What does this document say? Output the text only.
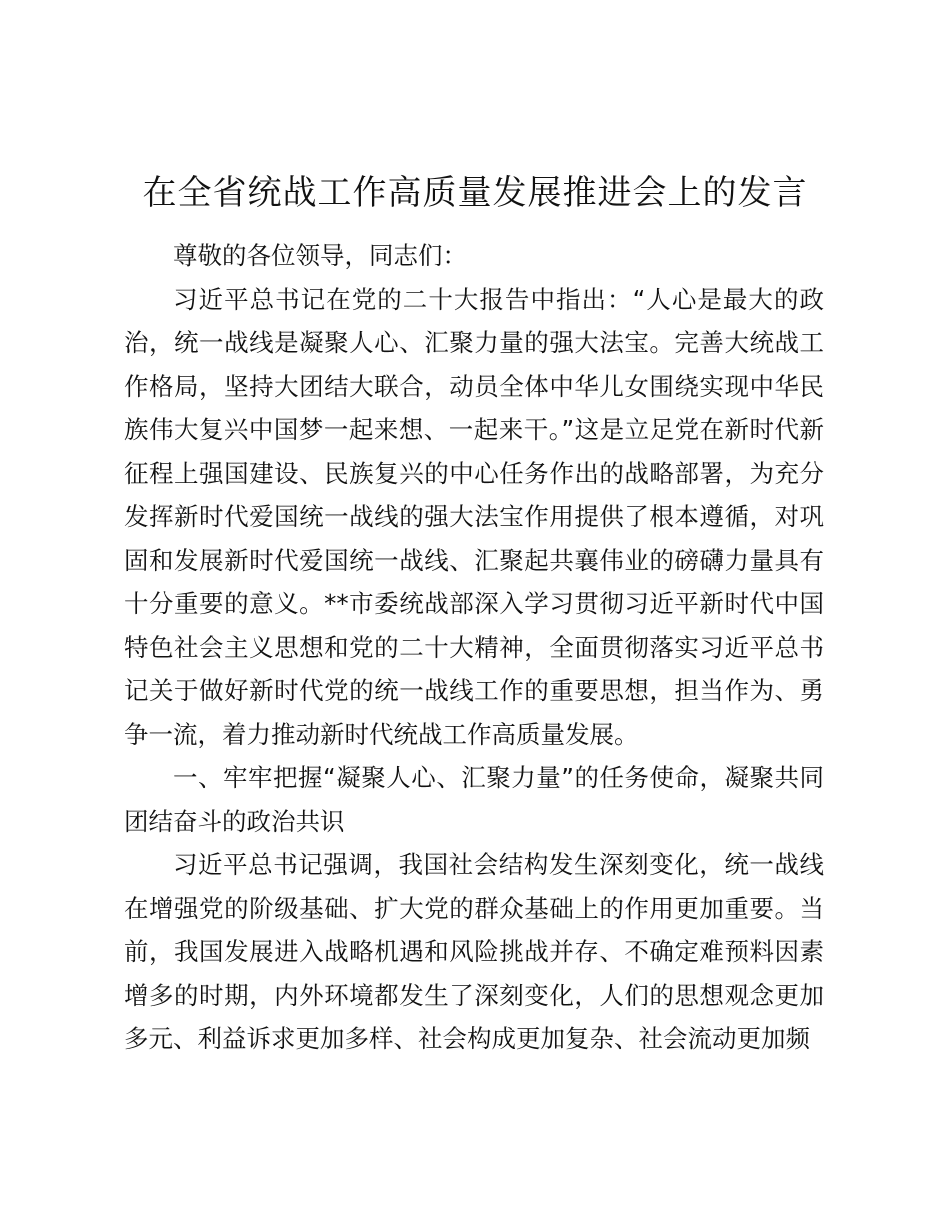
在全省统战工作高质量发展推进会上的发言

尊敬的各位领导，同志们：

习近平总书记在党的二十大报告中指出：“人心是最大的政治，统一战线是凝聚人心、汇聚力量的强大法宝。完善大统战工作格局，坚持大团结大联合，动员全体中华儿女围绕实现中华民族伟大复兴中国梦一起来想、一起来干。”这是立足党在新时代新征程上强国建设、民族复兴的中心任务作出的战略部署，为充分发挥新时代爱国统一战线的强大法宝作用提供了根本遵循，对巩固和发展新时代爱国统一战线、汇聚起共襄伟业的磅礴力量具有十分重要的意义。**市委统战部深入学习贯彻习近平新时代中国特色社会主义思想和党的二十大精神，全面贯彻落实习近平总书记关于做好新时代党的统一战线工作的重要思想，担当作为、勇争一流，着力推动新时代统战工作高质量发展。

一、牢牢把握“凝聚人心、汇聚力量”的任务使命，凝聚共同团结奋斗的政治共识

习近平总书记强调，我国社会结构发生深刻变化，统一战线在增强党的阶级基础、扩大党的群众基础上的作用更加重要。当前，我国发展进入战略机遇和风险挑战并存、不确定难预料因素增多的时期，内外环境都发生了深刻变化，人们的思想观念更加多元、利益诉求更加多样、社会构成更加复杂、社会流动更加频
